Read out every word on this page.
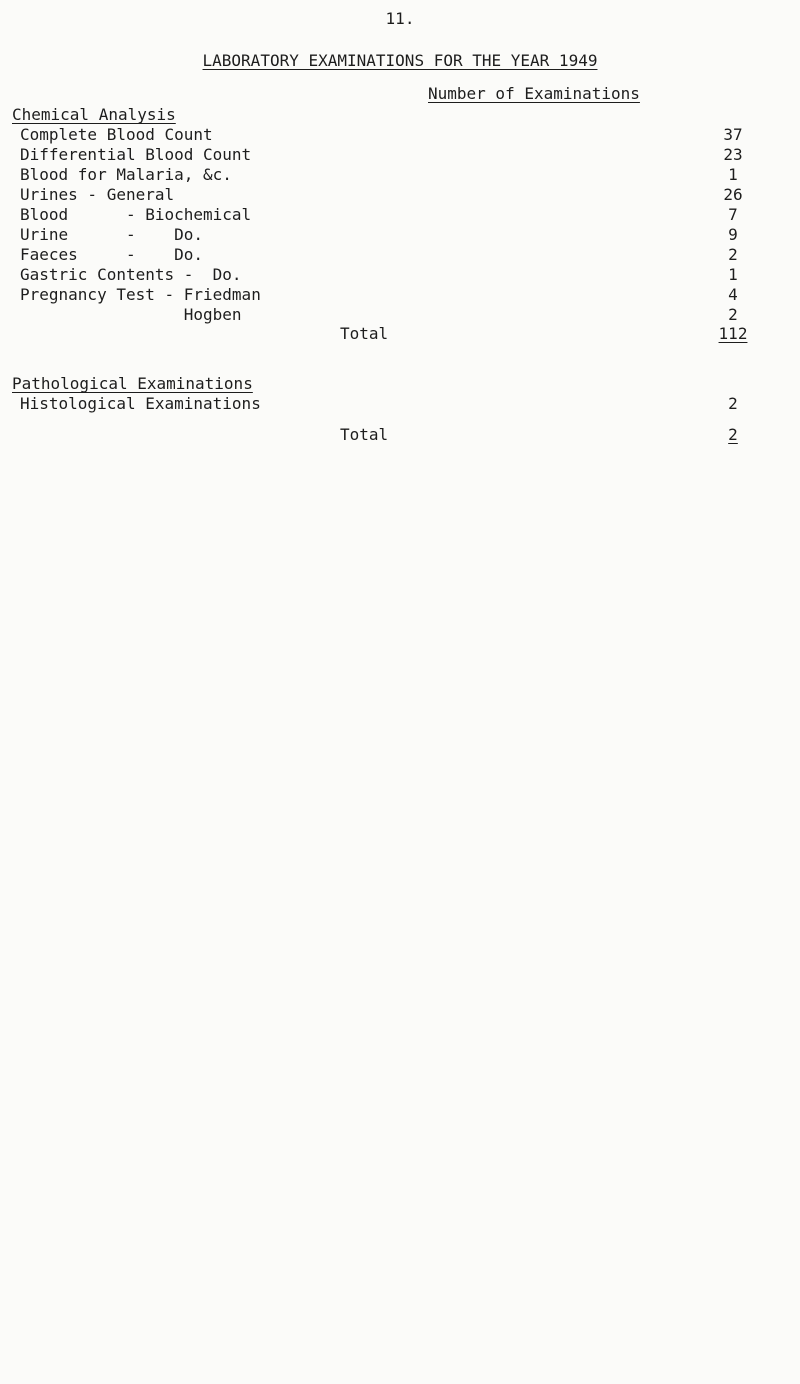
11.
LABORATORY EXAMINATIONS FOR THE YEAR 1949
Number of Examinations
Chemical Analysis
Complete Blood Count	37
Differential Blood Count	23
Blood for Malaria, &c.	1
Urines - General	26
Blood      - Biochemical	7
Urine      -    Do.	9
Faeces     -    Do.	2
Gastric Contents -  Do.	1
Pregnancy Test - Friedman	4
Hogben	2
Total	112
Pathological Examinations
Histological Examinations	2
Total	2
